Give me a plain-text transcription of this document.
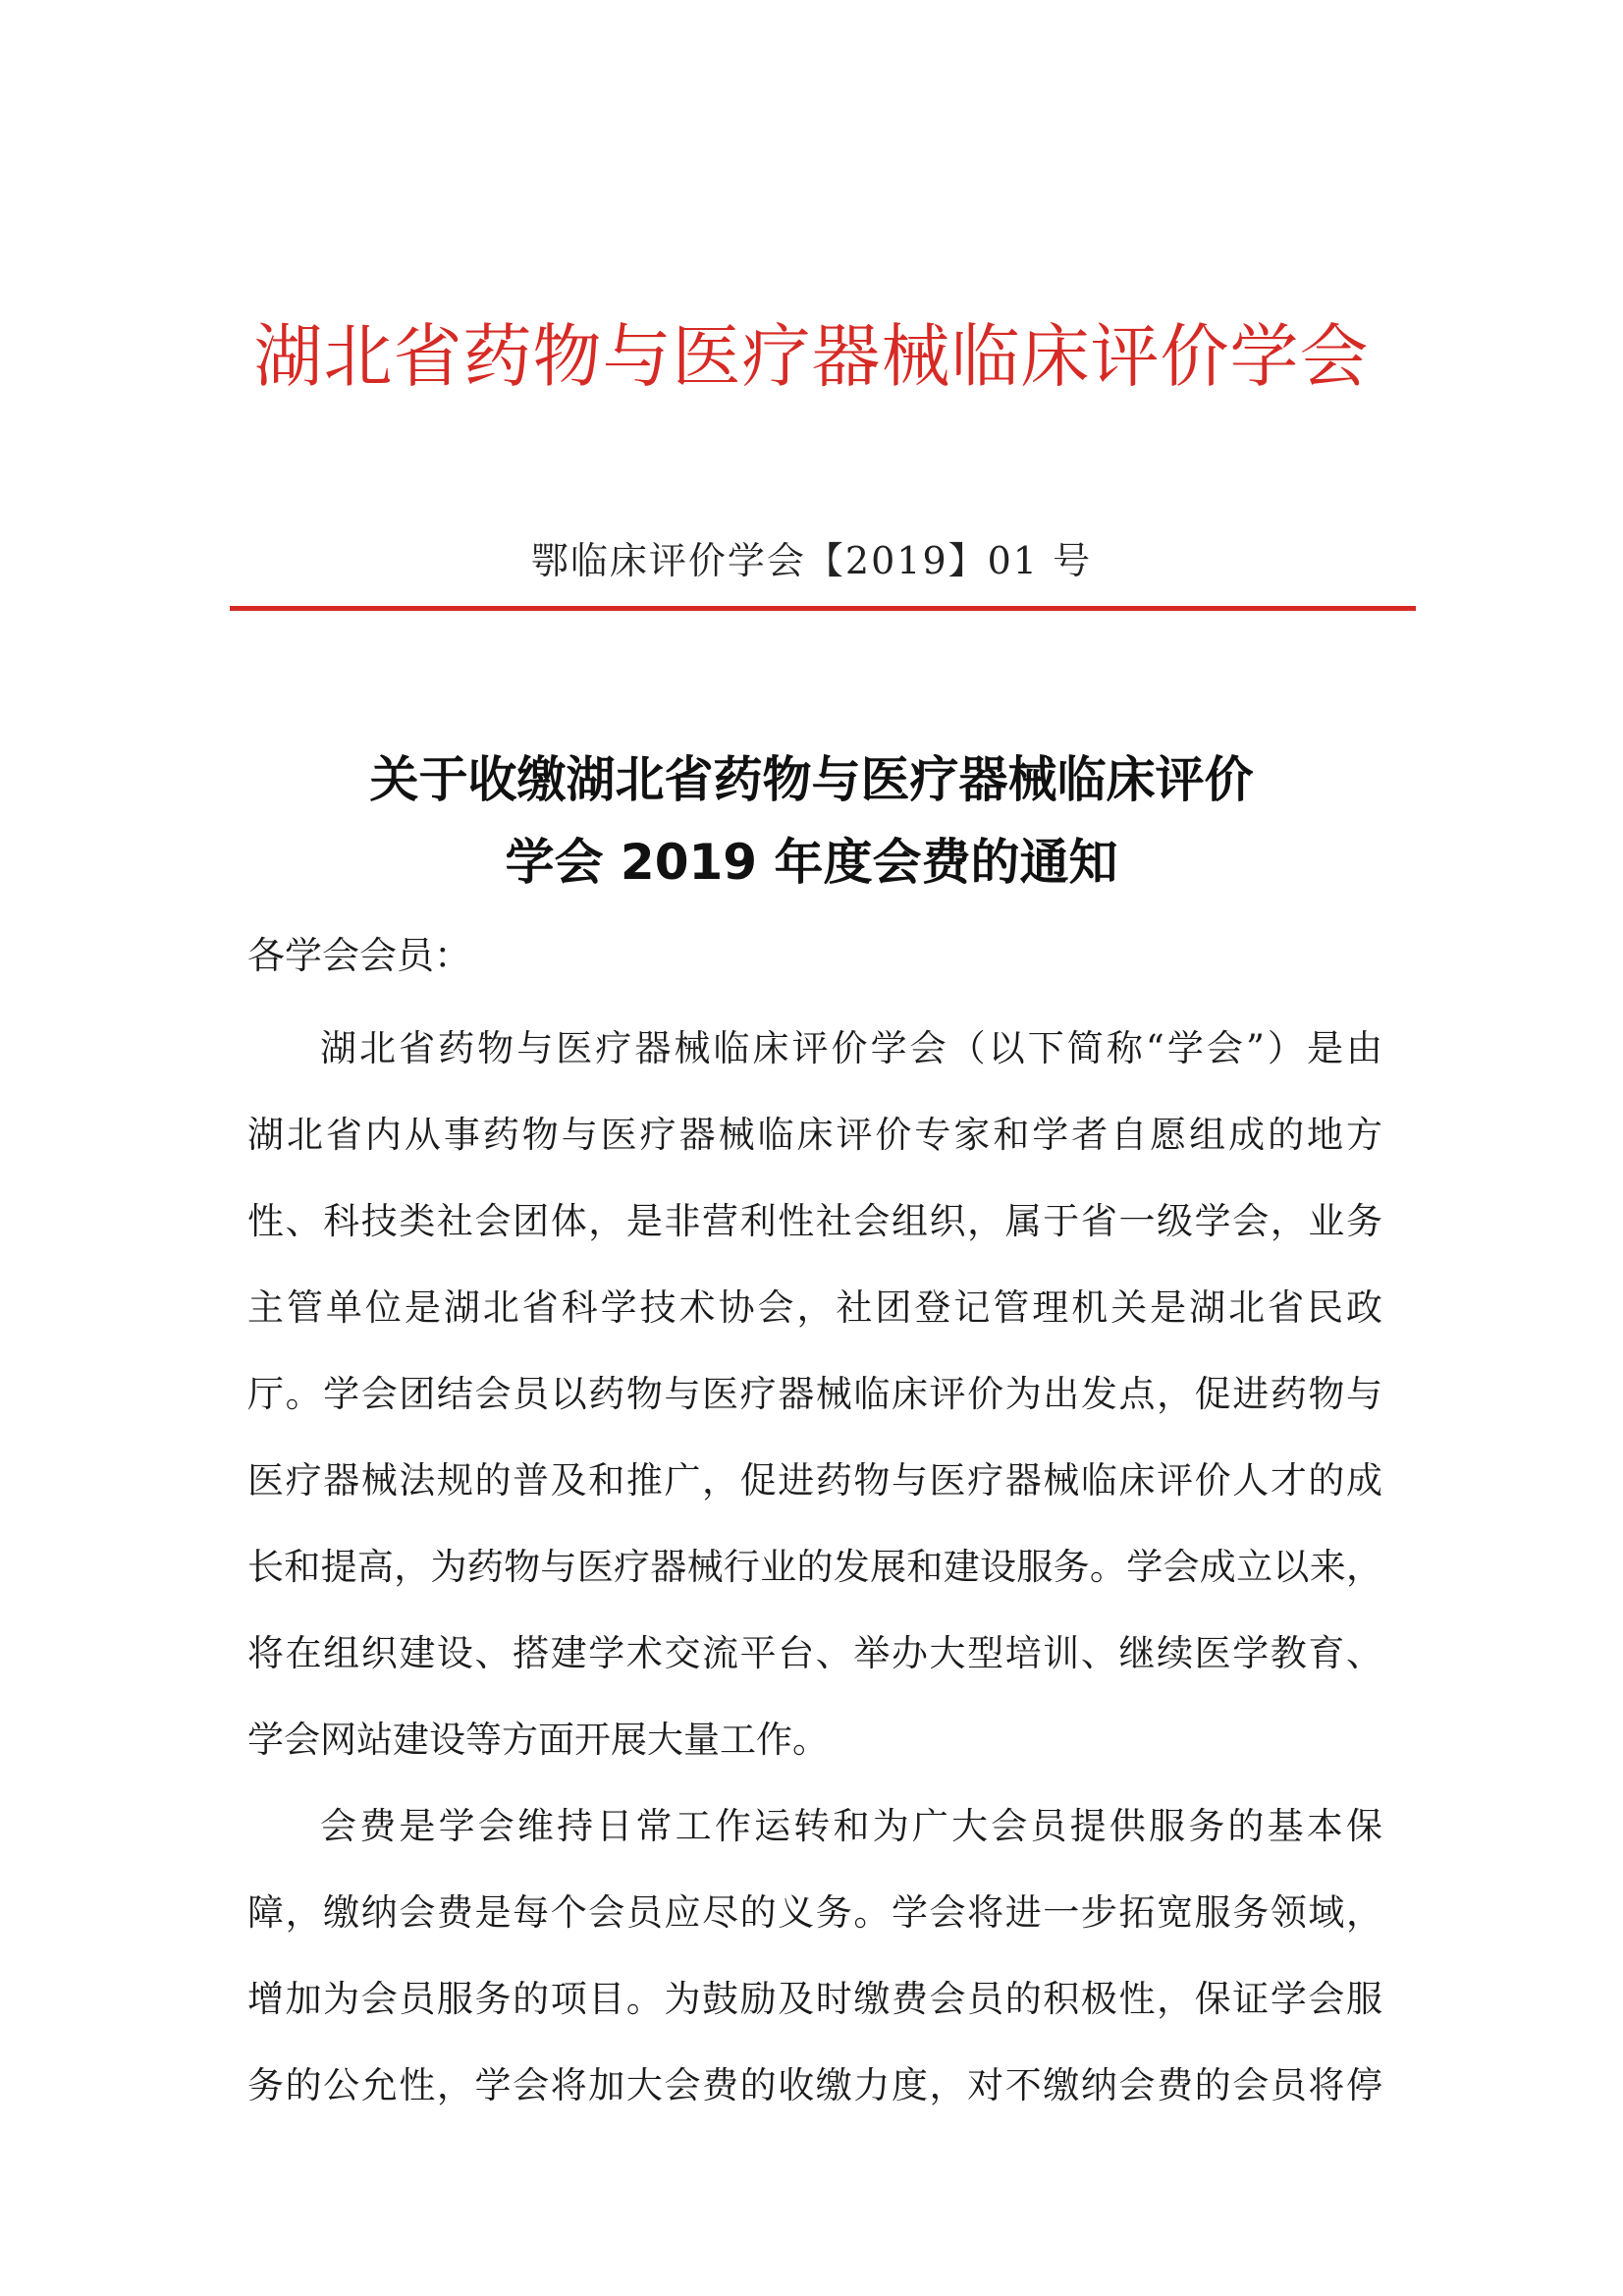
湖北省药物与医疗器械临床评价学会
鄂临床评价学会【2019】01 号
关于收缴湖北省药物与医疗器械临床评价
学会 2019 年度会费的通知
各学会会员：
湖北省药物与医疗器械临床评价学会（以下简称“学会”）是由
湖北省内从事药物与医疗器械临床评价专家和学者自愿组成的地方
性、科技类社会团体，是非营利性社会组织，属于省一级学会，业务
主管单位是湖北省科学技术协会，社团登记管理机关是湖北省民政
厅。学会团结会员以药物与医疗器械临床评价为出发点，促进药物与
医疗器械法规的普及和推广，促进药物与医疗器械临床评价人才的成
长和提高，为药物与医疗器械行业的发展和建设服务。学会成立以来，
将在组织建设、搭建学术交流平台、举办大型培训、继续医学教育、
学会网站建设等方面开展大量工作。
会费是学会维持日常工作运转和为广大会员提供服务的基本保
障，缴纳会费是每个会员应尽的义务。学会将进一步拓宽服务领域，
增加为会员服务的项目。为鼓励及时缴费会员的积极性，保证学会服
务的公允性，学会将加大会费的收缴力度，对不缴纳会费的会员将停
